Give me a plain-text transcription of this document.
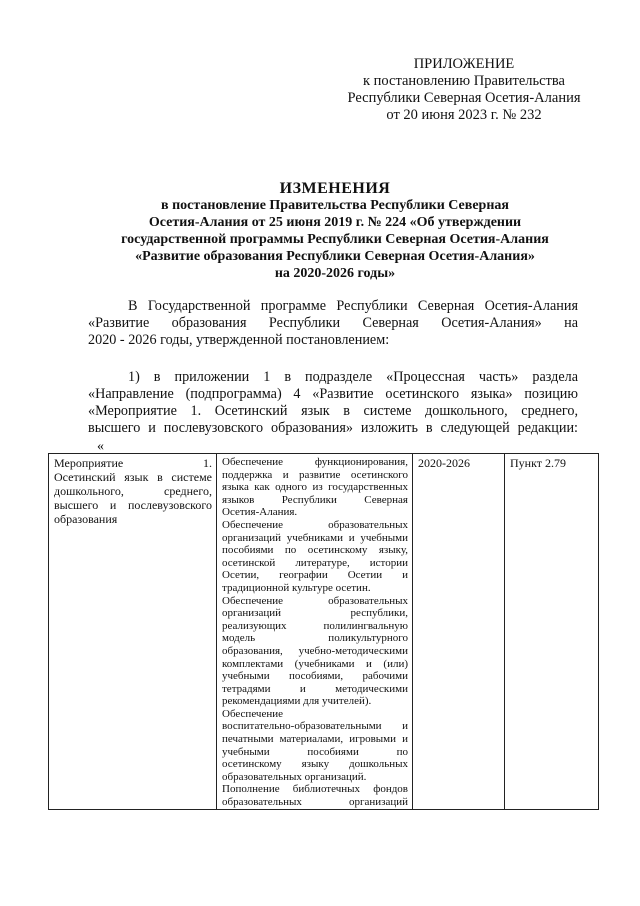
ПРИЛОЖЕНИЕ
к постановлению Правительства
Республики Северная Осетия-Алания
от 20 июня 2023 г. № 232
ИЗМЕНЕНИЯ
в постановление Правительства Республики Северная
Осетия-Алания от 25 июня 2019 г. № 224 «Об утверждении
государственной программы Республики Северная Осетия-Алания
«Развитие образования Республики Северная Осетия-Алания»
на 2020-2026 годы»
В Государственной программе Республики Северная Осетия-Алания
«Развитие образования Республики Северная Осетия-Алания» на
2020 - 2026 годы, утвержденной постановлением:
1) в приложении 1 в подразделе «Процессная часть» раздела
«Направление (подпрограмма) 4 «Развитие осетинского языка» позицию
«Мероприятие 1. Осетинский язык в системе дошкольного, среднего,
высшего и послевузовского образования» изложить в следующей редакции:
«
Мероприятие 1.
Осетинский язык в системе
дошкольного, среднего,
высшего и послевузовского
образования

Обеспечение функционирования,
поддержка и развитие осетинского
языка как одного из государственных
языков Республики Северная
Осетия-Алания.
Обеспечение образовательных
организаций учебниками и учебными
пособиями по осетинскому языку,
осетинской литературе, истории
Осетии, географии Осетии и
традиционной культуре осетин.
Обеспечение образовательных
организаций республики,
реализующих полилингвальную
модель поликультурного
образования, учебно-методическими
комплектами (учебниками и (или)
учебными пособиями, рабочими
тетрадями и методическими
рекомендациями для учителей).
Обеспечение
воспитательно-образовательными и
печатными материалами, игровыми и
учебными пособиями по
осетинскому языку дошкольных
образовательных организаций.
Пополнение библиотечных фондов
образовательных организаций
	2020-2026	Пункт 2.79
